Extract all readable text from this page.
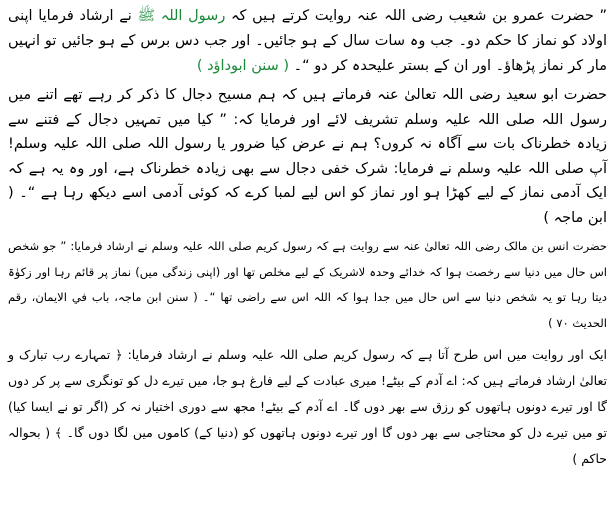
” حضرت عمرو بن شعیب رضی اللہ عنہ روایت کرتے ہیں کہ رسول اللہ ﷺ نے ارشاد فرمایا اپنی اولاد کو نماز کا حکم دو۔ جب وہ سات سال کے ہو جائیں۔ اور جب دس برس کے ہو جائیں تو انہیں مار کر نماز پڑھاؤ۔ اور ان کے بستر علیحدہ کر دو “۔ ( سنن ابوداؤد )

حضرت ابو سعید رضی اللہ تعالیٰ عنہ فرماتے ہیں کہ ہم مسیح دجال کا ذکر کر رہے تھے اتنے میں رسول اللہ صلی اللہ علیہ وسلم تشریف لائے اور فرمایا کہ: ” کیا میں تمہیں دجال کے فتنے سے زیادہ خطرناک بات سے آگاہ نہ کروں؟ ہم نے عرض کیا ضرور یا رسول اللہ صلی اللہ علیہ وسلم! آپ صلی اللہ علیہ وسلم نے فرمایا: شرک خفی دجال سے بھی زیادہ خطرناک ہے، اور وہ یہ ہے کہ ایک آدمی نماز کے لیے کھڑا ہو اور نماز کو اس لیے لمبا کرے کہ کوئی آدمی اسے دیکھ رہا ہے “۔ ( ابن ماجہ )

حضرت انس بن مالک رضی اللہ تعالیٰ عنہ سے روایت ہے کہ رسول کریم صلی اللہ علیہ وسلم نے ارشاد فرمایا: ” جو شخص اس حال میں دنیا سے رخصت ہوا کہ خدائے وحدہ لاشریک کے لیے مخلص تھا اور (اپنی زندگی میں) نماز پر قائم رہا اور زکوٰۃ دیتا رہا تو یہ شخص دنیا سے اس حال میں جدا ہوا کہ اللہ اس سے راضی تھا “۔ ( سنن ابن ماجہ، باب في الايمان، رقم الحديث ۷۰ )

ایک اور روایت میں اس طرح آتا ہے کہ رسول کریم صلی اللہ علیہ وسلم نے ارشاد فرمایا: ﴿ تمہارے رب تبارک و تعالیٰ ارشاد فرماتے ہیں کہ: اے آدم کے بیٹے! میری عبادت کے لیے فارغ ہو جا، میں تیرے دل کو تونگری سے پر کر دوں گا اور تیرے دونوں ہاتھوں کو رزق سے بھر دوں گا۔ اے آدم کے بیٹے! مجھ سے دوری اختیار نہ کر (اگر تو نے ایسا کیا) تو میں تیرے دل کو محتاجی سے بھر دوں گا اور تیرے دونوں ہاتھوں کو (دنیا کے) کاموں میں لگا دوں گا۔ ﴾ ( بحوالہ حاکم )
